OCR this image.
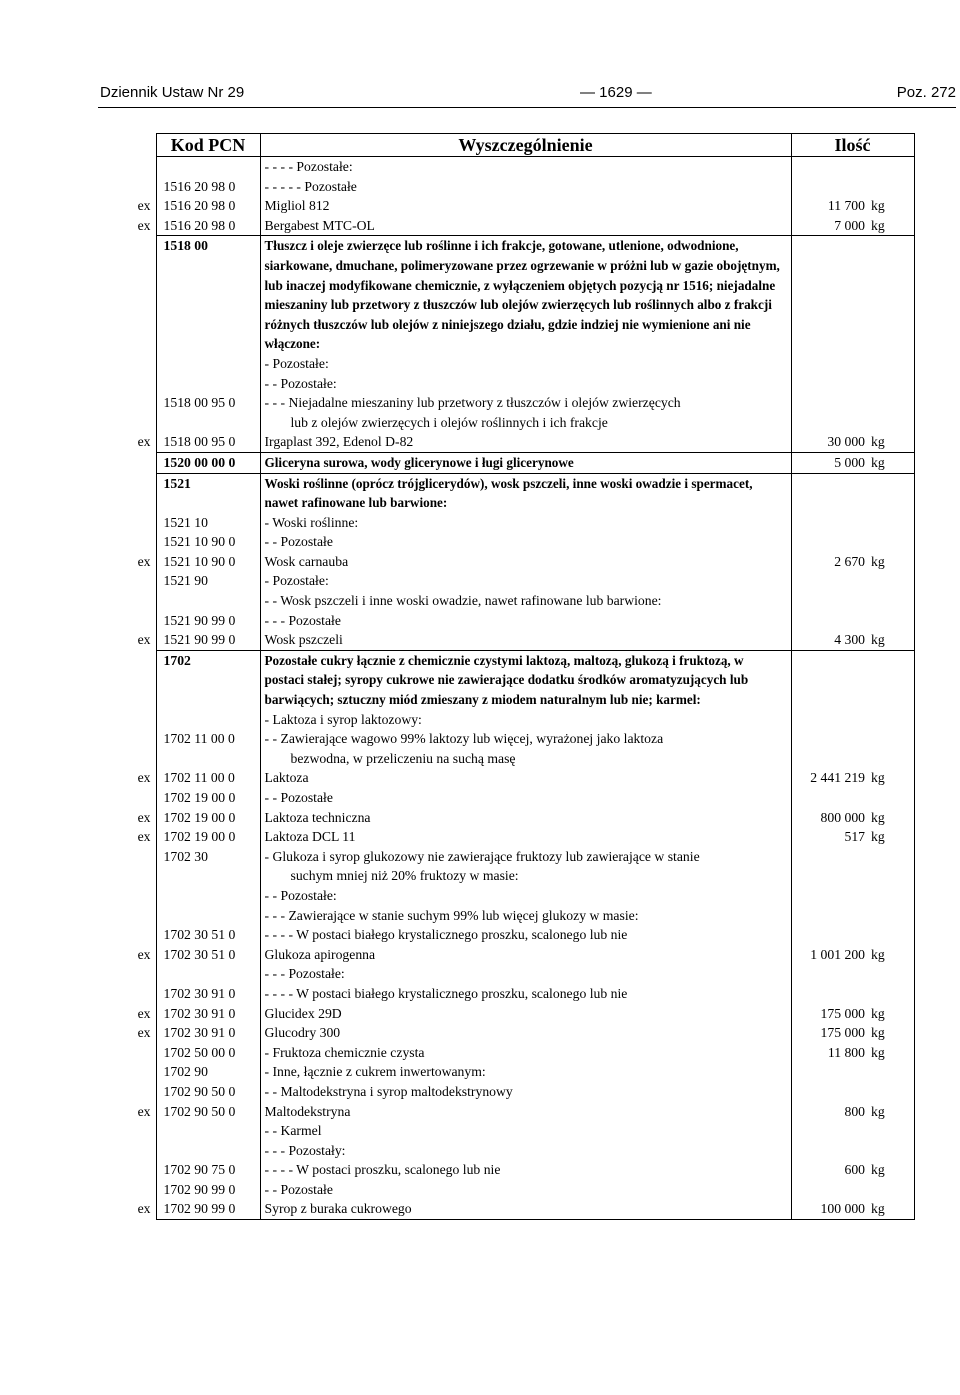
Dziennik Ustaw Nr 29	— 1629 —	Poz. 272
	Kod PCN	Wyszczególnienie	Ilość	
		- - - - Pozostałe:		
	1516 20 98 0	- - - - - Pozostałe		
ex	1516 20 98 0	Migliol 812	11 700	kg
ex	1516 20 98 0	Bergabest MTC-OL	7 000	kg
	1518 00	Tłuszcz i oleje zwierzęce lub roślinne i ich frakcje, gotowane, utlenione, odwodnione, siarkowane, dmuchane, polimeryzowane przez ogrzewanie w próżni lub w gazie obojętnym, lub inaczej modyfikowane chemicznie, z wyłączeniem objętych pozycją nr 1516; niejadalne mieszaniny lub przetwory z tłuszczów lub olejów zwierzęcych lub roślinnych albo z frakcji różnych tłuszczów lub olejów z niniejszego działu, gdzie indziej nie wymienione ani nie włączone:		
		- Pozostałe:		
		- - Pozostałe:		
	1518 00 95 0	- - - Niejadalne mieszaniny lub przetwory z tłuszczów i olejów zwierzęcych
lub z olejów zwierzęcych i olejów roślinnych i ich frakcje		

ex	1518 00 95 0	Irgaplast 392, Edenol D-82	30 000	kg
	1520 00 00 0	Gliceryna surowa, wody glicerynowe i ługi glicerynowe	5 000	kg
	1521	Woski roślinne (oprócz trójglicerydów), wosk pszczeli, inne woski owadzie i spermacet, nawet rafinowane lub barwione:		
	1521 10	- Woski roślinne:		
	1521 10 90 0	- - Pozostałe		
ex	1521 10 90 0	Wosk carnauba	2 670	kg
	1521 90	- Pozostałe:		
		- - Wosk pszczeli i inne woski owadzie, nawet rafinowane lub barwione:		
	1521 90 99 0	- - - Pozostałe		
ex	1521 90 99 0	Wosk pszczeli	4 300	kg
	1702	Pozostałe cukry łącznie z chemicznie czystymi laktozą, maltozą, glukozą i fruktozą, w postaci stałej; syropy cukrowe nie zawierające dodatku środków aromatyzujących lub barwiących; sztuczny miód zmieszany z miodem naturalnym lub nie; karmel:		
		- Laktoza i syrop laktozowy:		
	1702 11 00 0	- - Zawierające wagowo 99% laktozy lub więcej, wyrażonej jako laktoza
bezwodna, w przeliczeniu na suchą masę		

ex	1702 11 00 0	Laktoza	2 441 219	kg
	1702 19 00 0	- - Pozostałe		
ex	1702 19 00 0	Laktoza techniczna	800 000	kg
ex	1702 19 00 0	Laktoza DCL 11	517	kg
	1702 30	- Glukoza i syrop glukozowy nie zawierające fruktozy lub zawierające w stanie
suchym mniej niż 20% fruktozy w masie:		

		- - Pozostałe:		
		- - - Zawierające w stanie suchym 99% lub więcej glukozy w masie:		
	1702 30 51 0	- - - - W postaci białego krystalicznego proszku, scalonego lub nie		
ex	1702 30 51 0	Glukoza apirogenna	1 001 200	kg
		- - - Pozostałe:		
	1702 30 91 0	- - - - W postaci białego krystalicznego proszku, scalonego lub nie		
ex	1702 30 91 0	Glucidex 29D	175 000	kg
ex	1702 30 91 0	Glucodry 300	175 000	kg
	1702 50 00 0	- Fruktoza chemicznie czysta	11 800	kg
	1702 90	- Inne, łącznie z cukrem inwertowanym:		
	1702 90 50 0	- - Maltodekstryna i syrop maltodekstrynowy		
ex	1702 90 50 0	Maltodekstryna	800	kg
		- - Karmel		
		- - - Pozostały:		
	1702 90 75 0	- - - - W postaci proszku, scalonego lub nie	600	kg
	1702 90 99 0	- - Pozostałe		
ex	1702 90 99 0	Syrop z buraka cukrowego	100 000	kg
